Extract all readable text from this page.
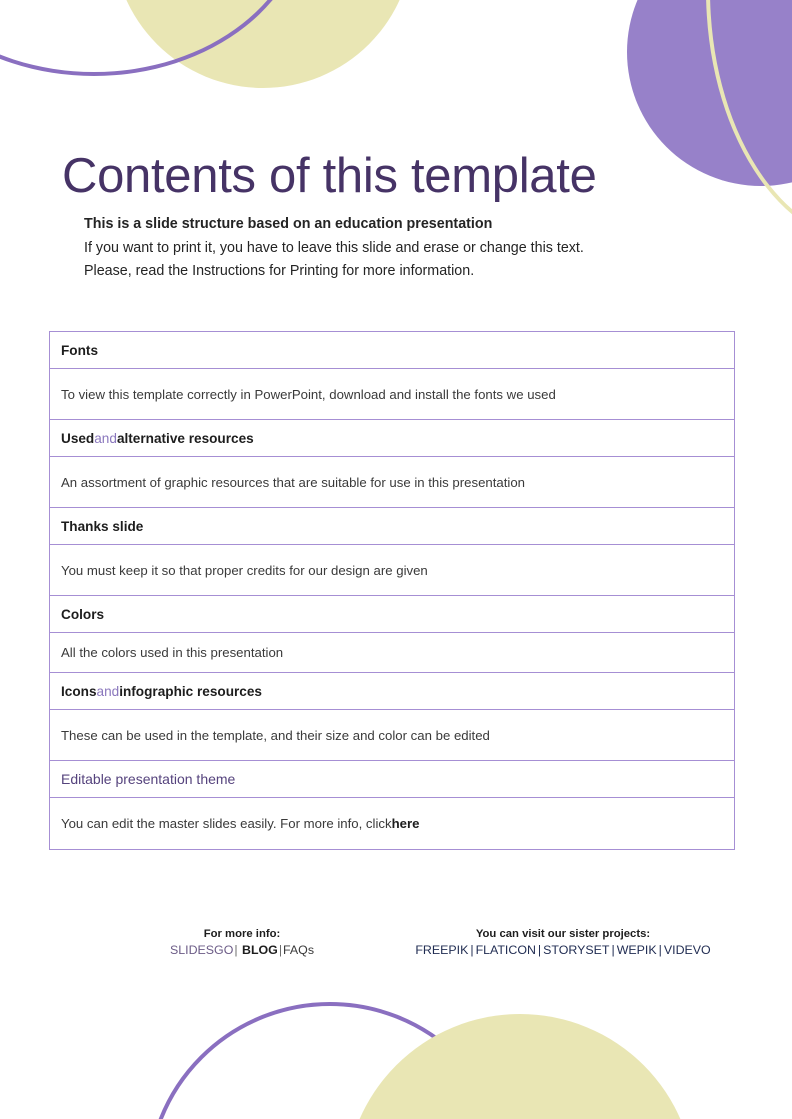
Contents of this template
This is a slide structure based on an education presentation
If you want to print it, you have to leave this slide and erase or change this text.
Please, read the Instructions for Printing for more information.
Fonts
To view this template correctly in PowerPoint, download and install the fonts we used
Used and alternative resources
An assortment of graphic resources that are suitable for use in this presentation
Thanks slide
You must keep it so that proper credits for our design are given
Colors
All the colors used in this presentation
Icons and infographic resources
These can be used in the template, and their size and color can be edited
Editable presentation theme
You can edit the master slides easily. For more info, click here
For more info:
SLIDESGO| BLOG|FAQs
You can visit our sister projects:
FREEPIK | FLATICON | STORYSET | WEPIK | VIDEVO
